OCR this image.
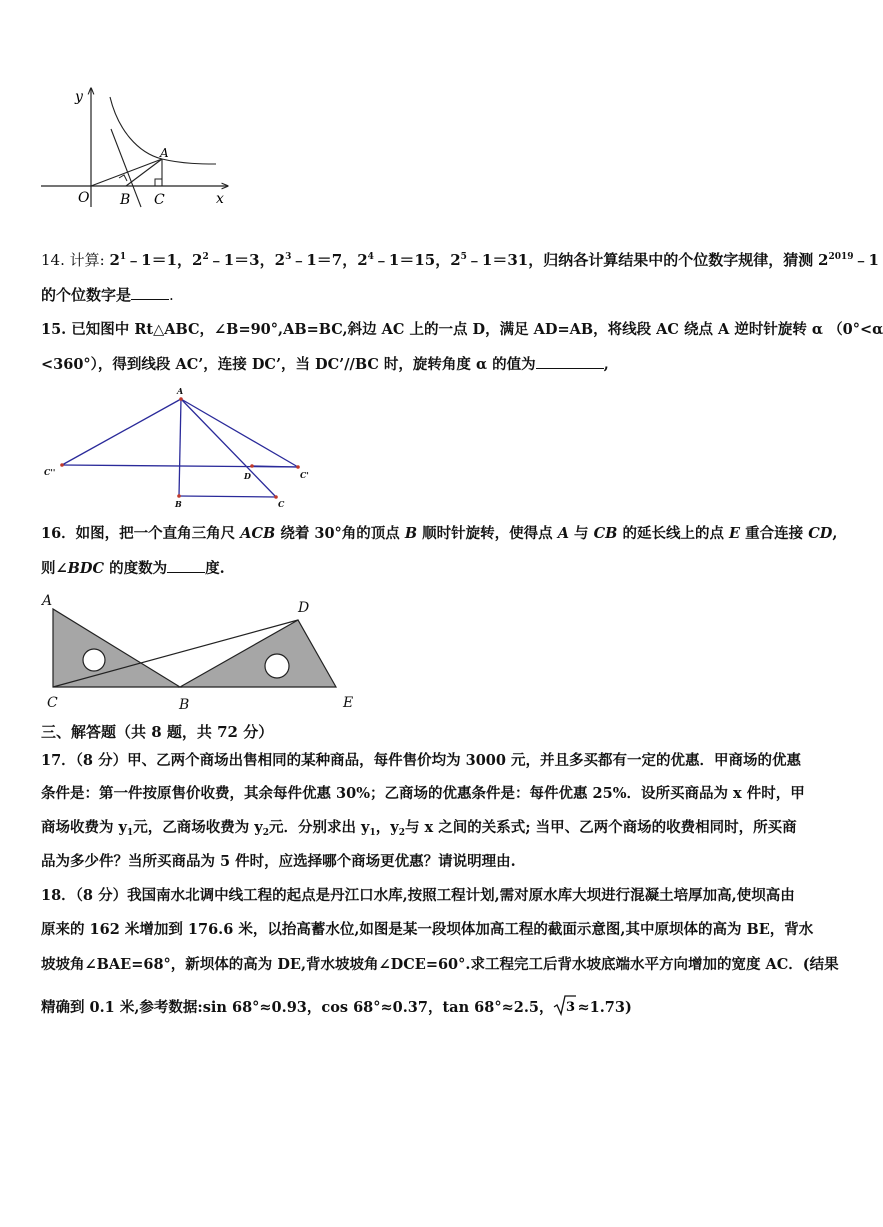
y
O B C
A
x
14. 计算: $2^1﹣1=1$，$2^2﹣1=3$，$2^3﹣1=7$，$2^4﹣1=15$，$2^5﹣1=31$，归纳各计算结果中的个位数字规律，猜测 $2^{2019}﹣1$
的个位数字是	.
15. 已知图中 Rt△ABC，∠B=90°,AB=BC,斜边 AC 上的一点 D，满足 AD=AB，将线段 AC 绕点 A 逆时针旋转 α （0°<α
<360°），得到线段 AC’，连接 DC’，当 DC’//BC 时，旋转角度 α 的值为	,
A
C''	C'
D
B	C
16．如图，把一个直角三角尺 ACB 绕着 30°角的顶点 B 顺时针旋转，使得点 A 与 CB 的延长线上的点 E 重合连接 CD,
则∠BDC 的度数为	度.
A	D
C	B	E
三、解答题（共 8 题，共 72 分）
17．（8 分）甲、乙两个商场出售相同的某种商品，每件售价均为 3000 元，并且多买都有一定的优惠．甲商场的优惠
条件是：第一件按原售价收费，其余每件优惠 30%；乙商场的优惠条件是：每件优惠 25%．设所买商品为 x 件时，甲
商场收费为 $y_1$元，乙商场收费为 $y_2$元．分别求出 $y_1$，$y_2$与 x 之间的关系式; 当甲、乙两个商场的收费相同时，所买商
品为多少件？当所买商品为 5 件时，应选择哪个商场更优惠？请说明理由.
18．（8 分）我国南水北调中线工程的起点是丹江口水库,按照工程计划,需对原水库大坝进行混凝土培厚加高,使坝高由
原来的 162 米增加到 176.6 米，以抬高蓄水位,如图是某一段坝体加高工程的截面示意图,其中原坝体的高为 BE，背水
坡坡角∠BAE=68°，新坝体的高为 DE,背水坡坡角∠DCE=60°.求工程完工后背水坡底端水平方向增加的宽度 AC．(结果
精确到 0.1 米,参考数据:sin 68°≈0.93，cos 68°≈0.37，tan 68°≈2.5， 3 ≈1.73)
